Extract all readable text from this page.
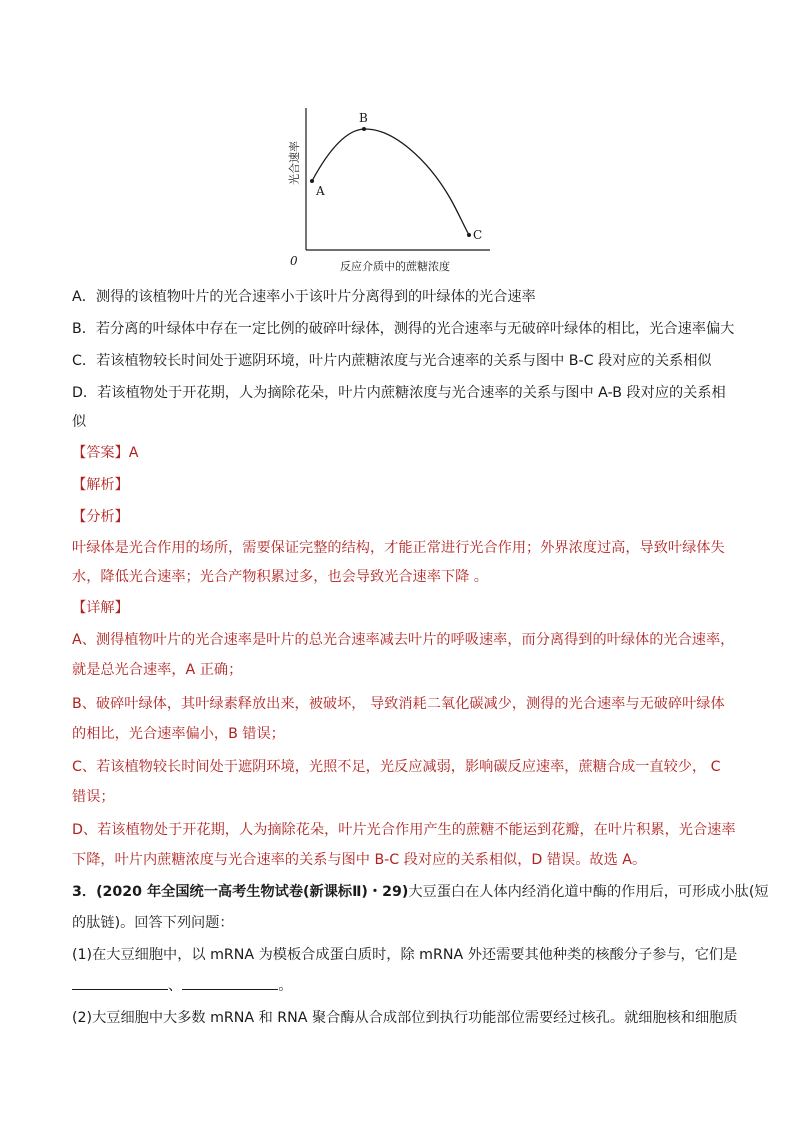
A
B
C
0	反应介质中的蔗糖浓度
光合速率
A．测得的该植物叶片的光合速率小于该叶片分离得到的叶绿体的光合速率
B．若分离的叶绿体中存在一定比例的破碎叶绿体，测得的光合速率与无破碎叶绿体的相比，光合速率偏大
C．若该植物较长时间处于遮阴环境，叶片内蔗糖浓度与光合速率的关系与图中 B-C 段对应的关系相似
D．若该植物处于开花期，人为摘除花朵，叶片内蔗糖浓度与光合速率的关系与图中 A-B 段对应的关系相
似
【答案】A
【解析】
【分析】
叶绿体是光合作用的场所，需要保证完整的结构，才能正常进行光合作用；外界浓度过高，导致叶绿体失
水，降低光合速率；光合产物积累过多，也会导致光合速率下降 。
【详解】
A、测得植物叶片的光合速率是叶片的总光合速率减去叶片的呼吸速率，而分离得到的叶绿体的光合速率，
就是总光合速率，A 正确；
B、破碎叶绿体，其叶绿素释放出来，被破坏， 导致消耗二氧化碳减少，测得的光合速率与无破碎叶绿体
的相比，光合速率偏小，B 错误；
C、若该植物较长时间处于遮阴环境，光照不足，光反应减弱，影响碳反应速率，蔗糖合成一直较少， C
错误；
D、若该植物处于开花期，人为摘除花朵，叶片光合作用产生的蔗糖不能运到花瓣，在叶片积累，光合速率
下降，叶片内蔗糖浓度与光合速率的关系与图中 B-C 段对应的关系相似，D 错误。故选 A。
3．(2020 年全国统一高考生物试卷(新课标Ⅱ)・29)大豆蛋白在人体内经消化道中酶的作用后，可形成小肽(短
的肽链)。回答下列问题：
(1)在大豆细胞中，以 mRNA 为模板合成蛋白质时，除 mRNA 外还需要其他种类的核酸分子参与，它们是
、	。
(2)大豆细胞中大多数 mRNA 和 RNA 聚合酶从合成部位到执行功能部位需要经过核孔。就细胞核和细胞质
